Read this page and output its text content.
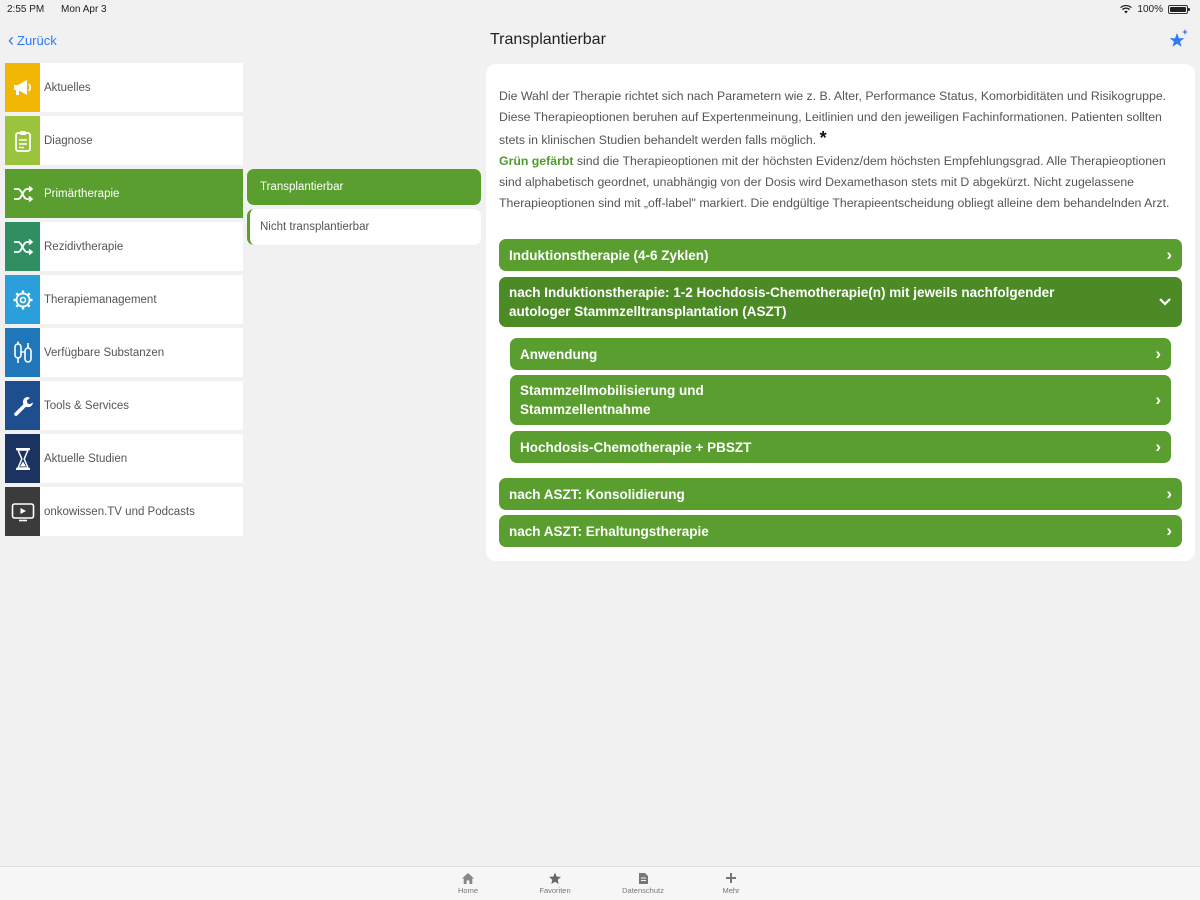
2:55 PM Mon Apr 3	100%
‹ Zurück	Transplantierbar
Aktuelles
Diagnose
Primärtherapie
Rezidivtherapie
Therapiemanagement
Verfügbare Substanzen
Tools & Services
Aktuelle Studien
onkowissen.TV und Podcasts
Transplantierbar
Nicht transplantierbar

Die Wahl der Therapie richtet sich nach Parametern wie z. B. Alter, Performance Status, Komorbiditäten und Risikogruppe. Diese Therapieoptionen beruhen auf Expertenmeinung, Leitlinien und den jeweiligen Fachinformationen. Patienten sollten stets in klinischen Studien behandelt werden falls möglich. *
Grün gefärbt sind die Therapieoptionen mit der höchsten Evidenz/dem höchsten Empfehlungsgrad. Alle Therapieoptionen sind alphabetisch geordnet, unabhängig von der Dosis wird Dexamethason stets mit D abgekürzt. Nicht zugelassene Therapieoptionen sind mit „off-label" markiert. Die endgültige Therapieentscheidung obliegt alleine dem behandelnden Arzt.

Induktionstherapie (4-6 Zyklen)	›
nach Induktionstherapie: 1-2 Hochdosis-Chemotherapie(n) mit jeweils nachfolgender autologer Stammzelltransplantation (ASZT)
Anwendung	›
Stammzellmobilisierung und Stammzellentnahme
›
Hochdosis-Chemotherapie + PBSZT	›
nach ASZT: Konsolidierung	›
nach ASZT: Erhaltungstherapie	›
Home	Favoriten	Datenschutz	Mehr
